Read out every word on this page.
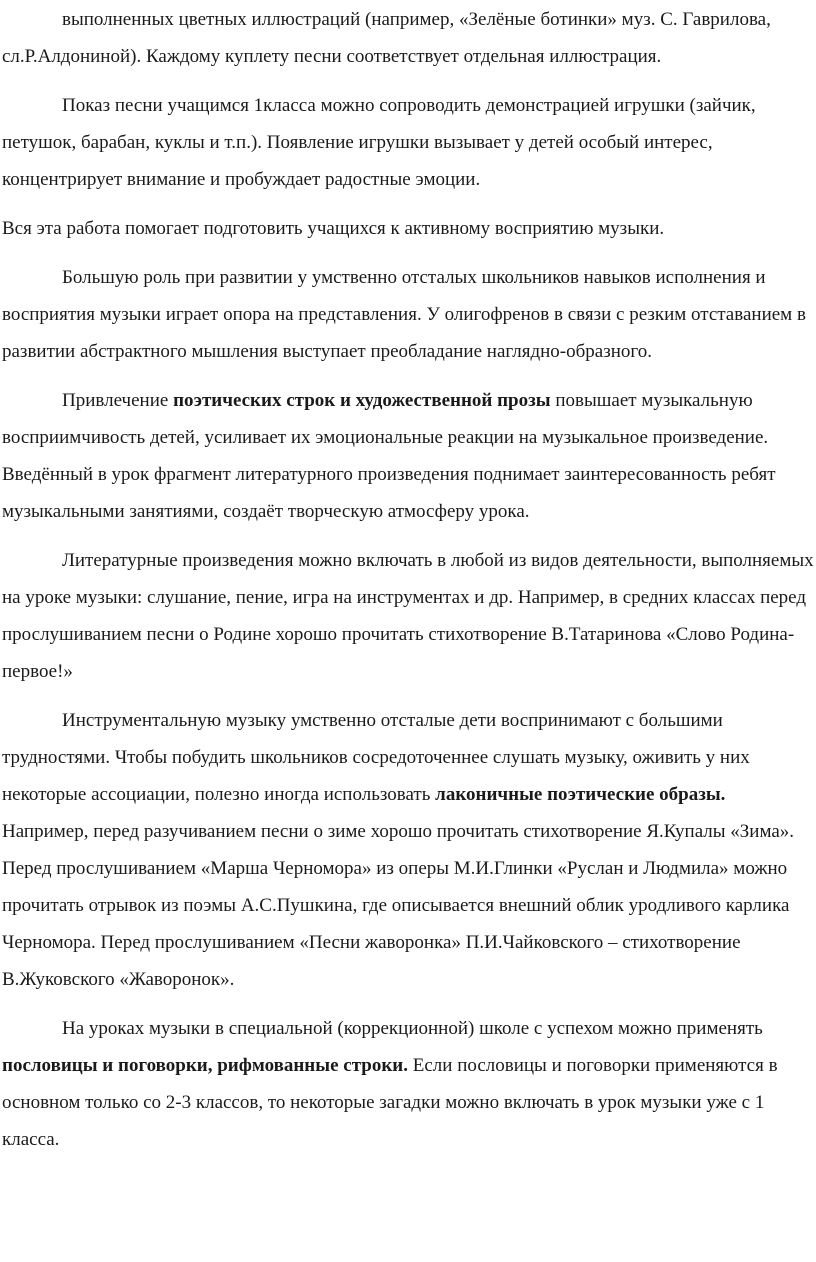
выполненных цветных иллюстраций (например, «Зелёные ботинки» муз. С. Гаврилова, сл.Р.Алдониной). Каждому куплету песни соответствует отдельная иллюстрация.

Показ песни учащимся 1класса можно сопроводить демонстрацией игрушки (зайчик, петушок, барабан, куклы и т.п.). Появление игрушки вызывает у детей особый интерес, концентрирует внимание и пробуждает радостные эмоции.

Вся эта работа помогает подготовить учащихся к активному восприятию музыки.

Большую роль при развитии у умственно отсталых школьников навыков исполнения и восприятия музыки играет опора на представления. У олигофренов в связи с резким отставанием в развитии абстрактного мышления выступает преобладание наглядно-образного.

Привлечение поэтических строк и художественной прозы повышает музыкальную восприимчивость детей, усиливает их эмоциональные реакции на музыкальное произведение. Введённый в урок фрагмент литературного произведения поднимает заинтересованность ребят музыкальными занятиями, создаёт творческую атмосферу урока.

Литературные произведения можно включать в любой из видов деятельности, выполняемых на уроке музыки: слушание, пение, игра на инструментах и др. Например, в средних классах перед прослушиванием песни о Родине хорошо прочитать стихотворение В.Татаринова «Слово Родина-первое!»

Инструментальную музыку умственно отсталые дети воспринимают с большими трудностями. Чтобы побудить школьников сосредоточеннее слушать музыку, оживить у них некоторые ассоциации, полезно иногда использовать лаконичные поэтические образы. Например, перед разучиванием песни о зиме хорошо прочитать стихотворение Я.Купалы «Зима». Перед прослушиванием «Марша Черномора» из оперы М.И.Глинки «Руслан и Людмила» можно прочитать отрывок из поэмы А.С.Пушкина, где описывается внешний облик уродливого карлика Черномора. Перед прослушиванием «Песни жаворонка» П.И.Чайковского – стихотворение В.Жуковского «Жаворонок».

На уроках музыки в специальной (коррекционной) школе с успехом можно применять пословицы и поговорки, рифмованные строки. Если пословицы и поговорки применяются в основном только со 2-3 классов, то некоторые загадки можно включать в урок музыки уже с 1 класса.
